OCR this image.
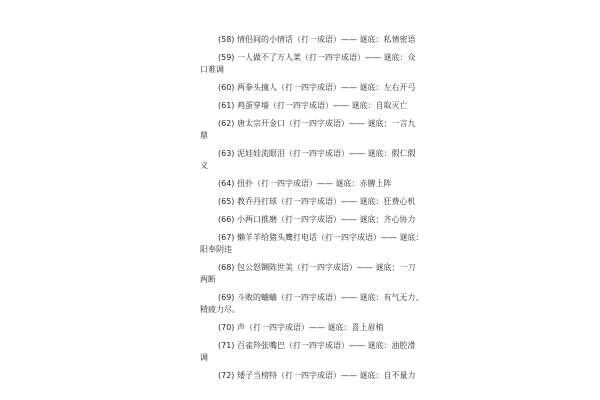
(58) 情侣间的小情话（打一成语）—— 谜底：私情密语
(59) 一人做不了万人菜（打一四字成语）—— 谜底：众
口难调
(60) 两拳头撞人（打一四字成语）—— 谜底：左右开弓
(61) 鸡蛋穿墙（打一四字成语）—— 谜底：自取灭亡
(62) 唐太宗开金口（打一四字成语）—— 谜底：一言九
鼎
(63) 泥娃娃流眼泪（打一四字成语）—— 谜底：假仁假
义
(64) 扭扑（打一四字成语）—— 谜底：赤膊上阵
(65) 教乔丹打球（打一四字成语）—— 谜底：狂费心机
(66) 小两口推磨（打一四字成语）—— 谜底：齐心协力
(67) 懒羊羊给猪头鹰打电话（打一四字成语）—— 谜底：
阳奉阴违
(68) 包公怒铡陈世美（打一四字成语）—— 谜底：一刀
两断
(69) 斗败的蛐蛐（打一四字成语）—— 谜底：有气无力、
精疲力尽。
(70) 声（打一四字成语）—— 谜底：喜上眉梢
(71) 百雀羚张嘴巴（打一四字成语）—— 谜底：油腔滑
调
(72) 矮子当榜特（打一四字成语）—— 谜底：自不量力
